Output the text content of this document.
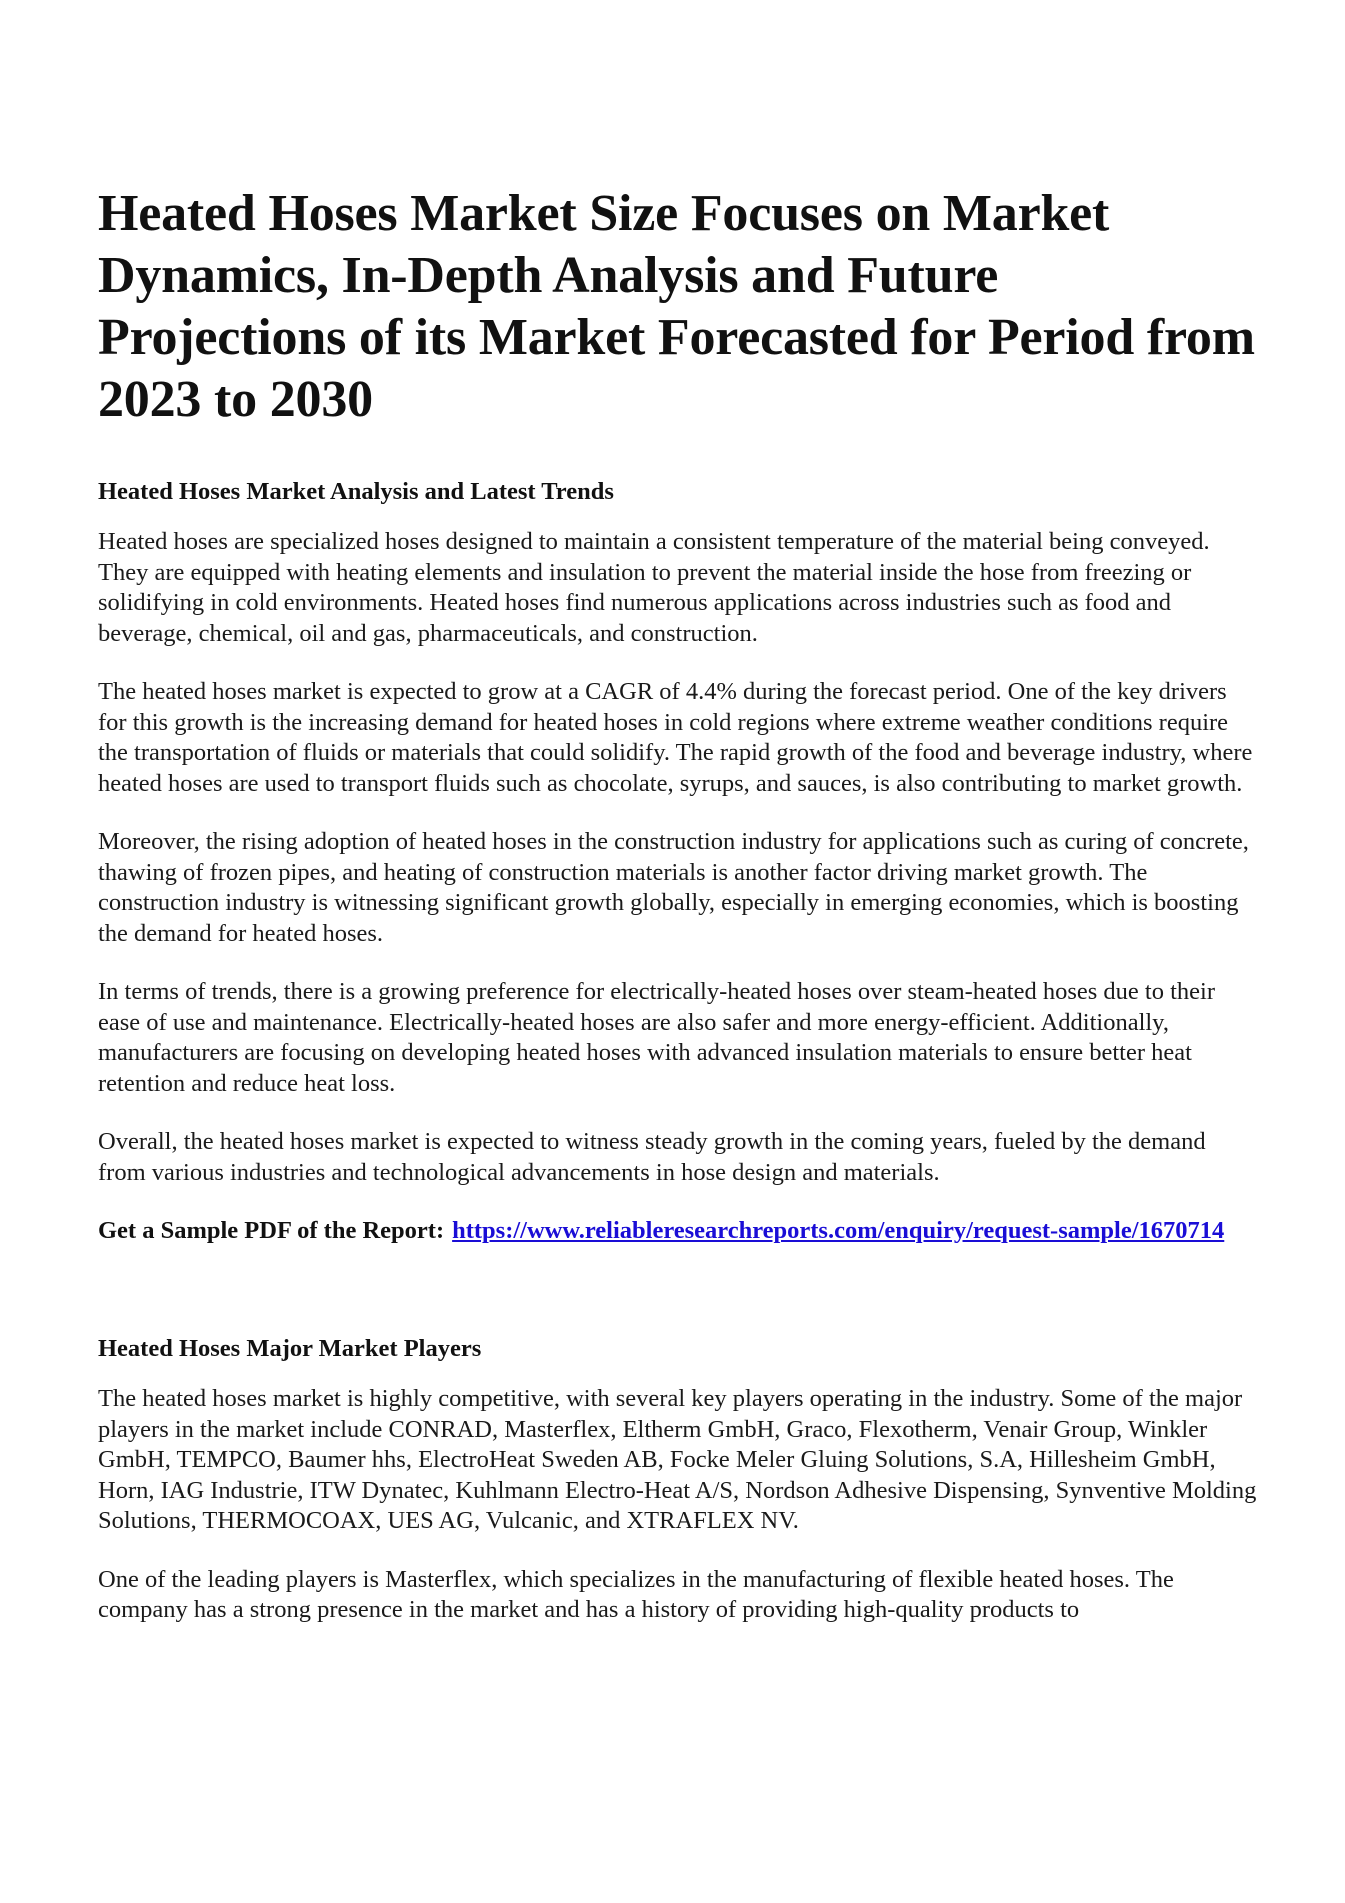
Heated Hoses Market Size Focuses on Market Dynamics, In-Depth Analysis and Future Projections of its Market Forecasted for Period from 2023 to 2030
Heated Hoses Market Analysis and Latest Trends

Heated hoses are specialized hoses designed to maintain a consistent temperature of the material being conveyed. They are equipped with heating elements and insulation to prevent the material inside the hose from freezing or solidifying in cold environments. Heated hoses find numerous applications across industries such as food and beverage, chemical, oil and gas, pharmaceuticals, and construction.

The heated hoses market is expected to grow at a CAGR of 4.4% during the forecast period. One of the key drivers for this growth is the increasing demand for heated hoses in cold regions where extreme weather conditions require the transportation of fluids or materials that could solidify. The rapid growth of the food and beverage industry, where heated hoses are used to transport fluids such as chocolate, syrups, and sauces, is also contributing to market growth.

Moreover, the rising adoption of heated hoses in the construction industry for applications such as curing of concrete, thawing of frozen pipes, and heating of construction materials is another factor driving market growth. The construction industry is witnessing significant growth globally, especially in emerging economies, which is boosting the demand for heated hoses.

In terms of trends, there is a growing preference for electrically-heated hoses over steam-heated hoses due to their ease of use and maintenance. Electrically-heated hoses are also safer and more energy-efficient. Additionally, manufacturers are focusing on developing heated hoses with advanced insulation materials to ensure better heat retention and reduce heat loss.

Overall, the heated hoses market is expected to witness steady growth in the coming years, fueled by the demand from various industries and technological advancements in hose design and materials.

Get a Sample PDF of the Report: https://www.reliableresearchreports.com/enquiry/request-sample/1670714

Heated Hoses Major Market Players

The heated hoses market is highly competitive, with several key players operating in the industry. Some of the major players in the market include CONRAD, Masterflex, Eltherm GmbH, Graco, Flexotherm, Venair Group, Winkler GmbH, TEMPCO, Baumer hhs, ElectroHeat Sweden AB, Focke Meler Gluing Solutions, S.A, Hillesheim GmbH, Horn, IAG Industrie, ITW Dynatec, Kuhlmann Electro-Heat A/S, Nordson Adhesive Dispensing, Synventive Molding Solutions, THERMOCOAX, UES AG, Vulcanic, and XTRAFLEX NV.

One of the leading players is Masterflex, which specializes in the manufacturing of flexible heated hoses. The company has a strong presence in the market and has a history of providing high-quality products to
